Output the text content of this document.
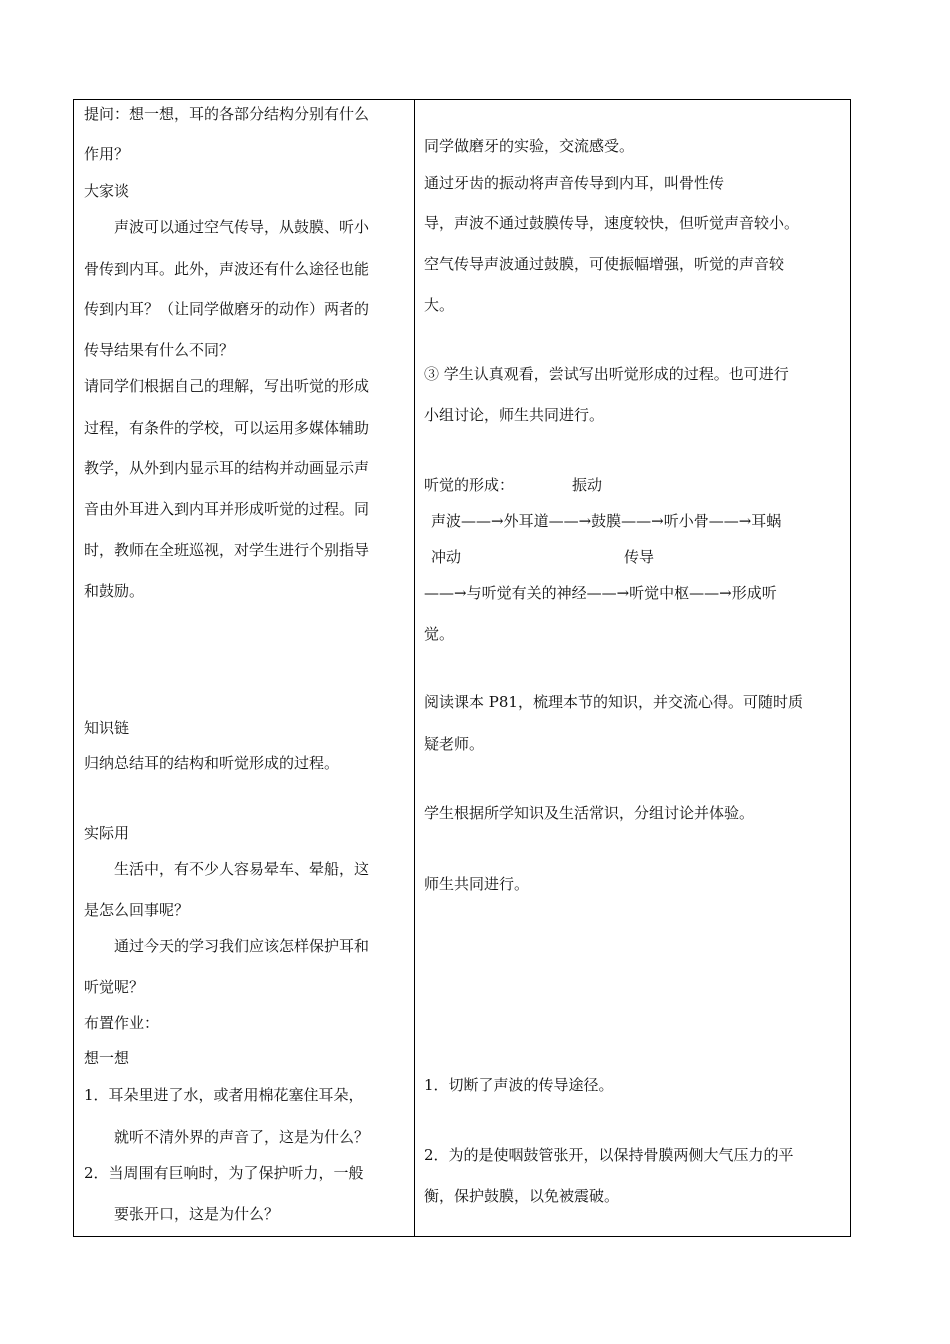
提问：想一想，耳的各部分结构分别有什么
作用？
大家谈
　　声波可以通过空气传导，从鼓膜、听小
骨传到内耳。此外，声波还有什么途径也能
传到内耳？（让同学做磨牙的动作）两者的
传导结果有什么不同？
请同学们根据自己的理解，写出听觉的形成
过程，有条件的学校，可以运用多媒体辅助
教学，从外到内显示耳的结构并动画显示声
音由外耳进入到内耳并形成听觉的过程。同
时，教师在全班巡视，对学生进行个别指导
和鼓励。
知识链
归纳总结耳的结构和听觉形成的过程。
实际用
　　生活中，有不少人容易晕车、晕船，这
是怎么回事呢？
　　通过今天的学习我们应该怎样保护耳和
听觉呢？
布置作业：
想一想
1．耳朵里进了水，或者用棉花塞住耳朵，
　　就听不清外界的声音了，这是为什么？
2．当周围有巨响时，为了保护听力，一般
　　要张开口，这是为什么？
同学做磨牙的实验，交流感受。
通过牙齿的振动将声音传导到内耳，叫骨性传
导，声波不通过鼓膜传导，速度较快，但听觉声音较小。
空气传导声波通过鼓膜，可使振幅增强，听觉的声音较
大。
③ 学生认真观看，尝试写出听觉形成的过程。也可进行
小组讨论，师生共同进行。
听觉的形成：	振动
声波——→外耳道——→鼓膜——→听小骨——→耳蜗
冲动	传导
——→与听觉有关的神经——→听觉中枢——→形成听
觉。
阅读课本 P81，梳理本节的知识，并交流心得。可随时质
疑老师。
学生根据所学知识及生活常识，分组讨论并体验。
师生共同进行。
1．切断了声波的传导途径。
2．为的是使咽鼓管张开，以保持骨膜两侧大气压力的平
衡，保护鼓膜，以免被震破。
